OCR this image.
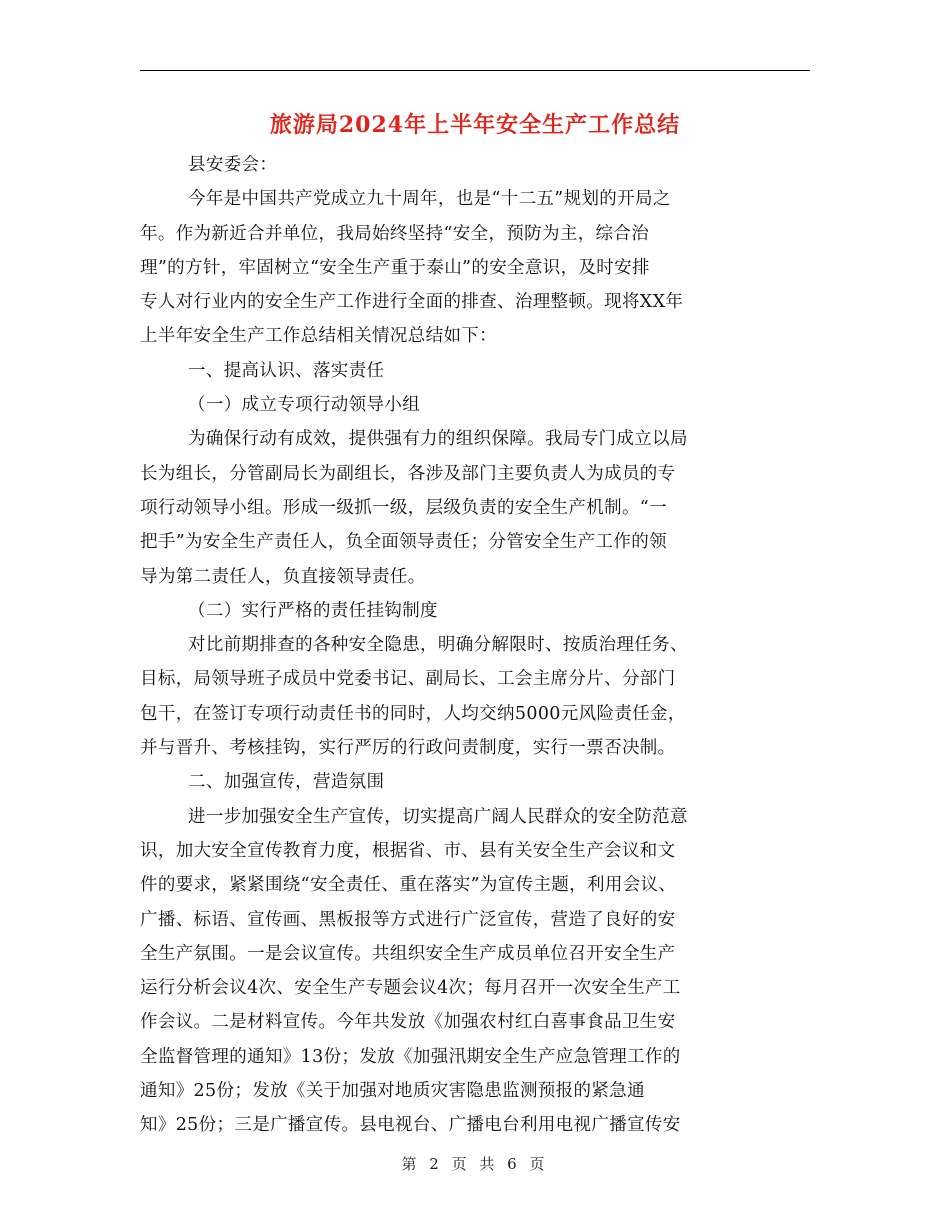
旅游局2024年上半年安全生产工作总结
县安委会：
今年是中国共产党成立九十周年，也是“十二五”规划的开局之
年。作为新近合并单位，我局始终坚持“安全，预防为主，综合治
理”的方针，牢固树立“安全生产重于泰山”的安全意识，及时安排
专人对行业内的安全生产工作进行全面的排查、治理整顿。现将XX年
上半年安全生产工作总结相关情况总结如下：
一、提高认识、落实责任
（一）成立专项行动领导小组
为确保行动有成效，提供强有力的组织保障。我局专门成立以局
长为组长，分管副局长为副组长，各涉及部门主要负责人为成员的专
项行动领导小组。形成一级抓一级，层级负责的安全生产机制。“一
把手”为安全生产责任人，负全面领导责任；分管安全生产工作的领
导为第二责任人，负直接领导责任。
（二）实行严格的责任挂钩制度
对比前期排查的各种安全隐患，明确分解限时、按质治理任务、
目标，局领导班子成员中党委书记、副局长、工会主席分片、分部门
包干，在签订专项行动责任书的同时，人均交纳5000元风险责任金，
并与晋升、考核挂钩，实行严厉的行政问责制度，实行一票否决制。
二、加强宣传，营造氛围
进一步加强安全生产宣传，切实提高广阔人民群众的安全防范意
识，加大安全宣传教育力度，根据省、市、县有关安全生产会议和文
件的要求，紧紧围绕“安全责任、重在落实”为宣传主题，利用会议、
广播、标语、宣传画、黑板报等方式进行广泛宣传，营造了良好的安
全生产氛围。一是会议宣传。共组织安全生产成员单位召开安全生产
运行分析会议4次、安全生产专题会议4次；每月召开一次安全生产工
作会议。二是材料宣传。今年共发放《加强农村红白喜事食品卫生安
全监督管理的通知》13份；发放《加强汛期安全生产应急管理工作的
通知》25份；发放《关于加强对地质灾害隐患监测预报的紧急通
知》25份；三是广播宣传。县电视台、广播电台利用电视广播宣传安
第 2 页 共 6 页
